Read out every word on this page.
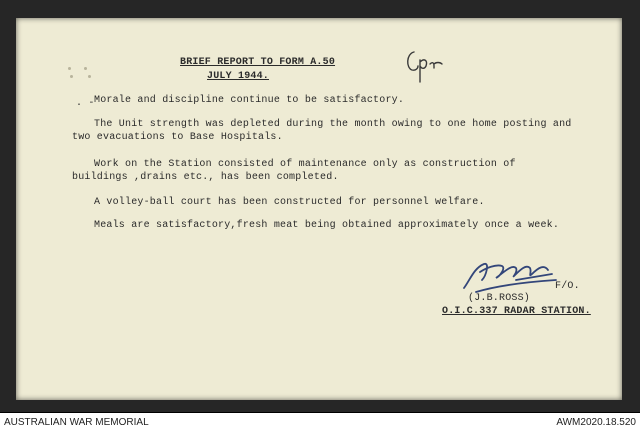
BRIEF REPORT TO FORM A.50
JULY 1944.
Cpr
. - Morale and discipline continue to be satisfactory.
The Unit strength was depleted during the month owing to one home posting and
two evacuations to Base Hospitals.
Work on the Station consisted of maintenance only as construction of
buildings ,drains etc., has been completed.
A volley-ball court has been constructed for personnel welfare.
Meals are satisfactory,fresh meat being obtained approximately once a week.
F/O.
(J.B.ROSS)
O.I.C.337 RADAR STATION.
AUSTRALIAN WAR MEMORIAL	AWM2020.18.520
